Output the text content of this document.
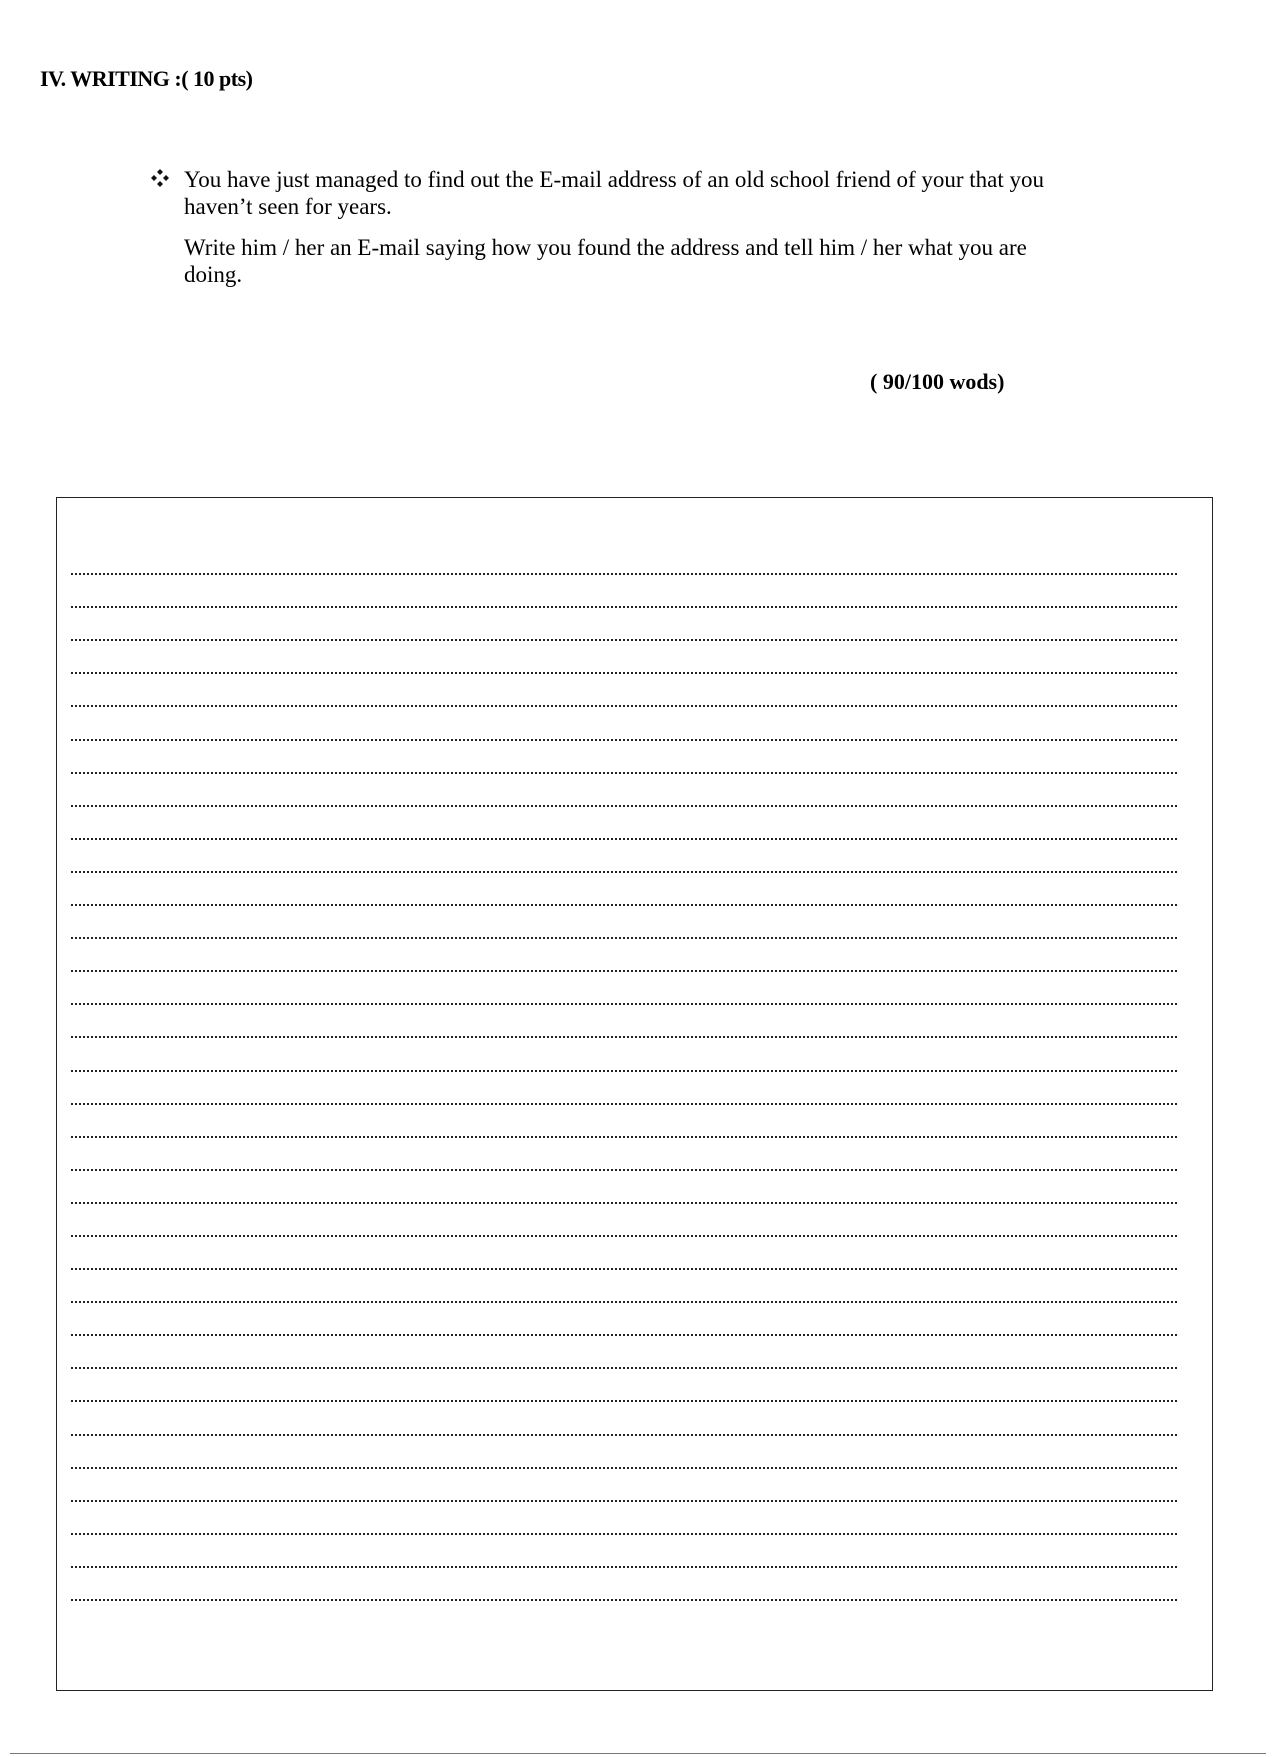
IV. WRITING :( 10 pts)

You have just managed to find out the E-mail address of an old school friend of your that you haven’t seen for years.

Write him / her an E-mail saying how you found the address and tell him / her what you are doing.

( 90/100 wods)
